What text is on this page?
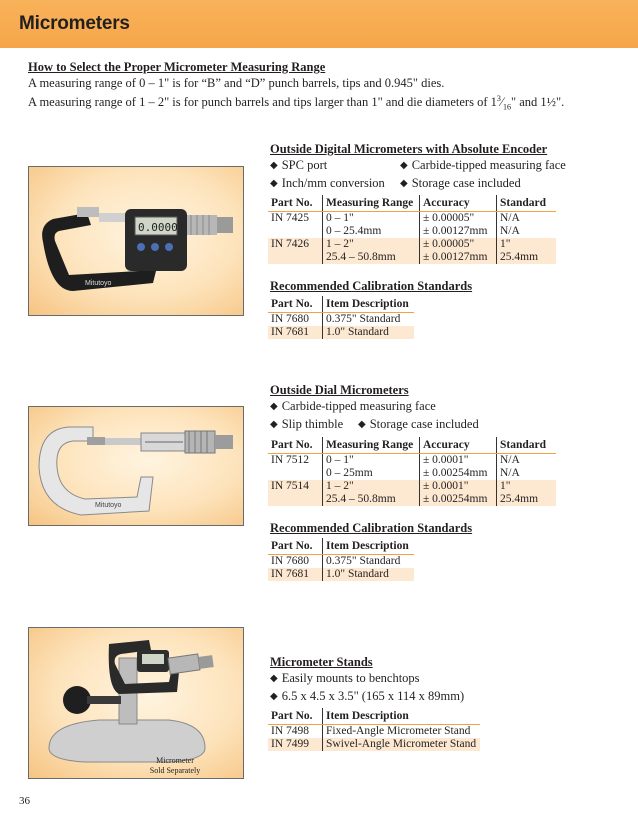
Micrometers
How to Select the Proper Micrometer Measuring Range
A measuring range of 0 – 1" is for “B” and “D” punch barrels, tips and 0.945" dies.
A measuring range of 1 – 2" is for punch barrels and tips larger than 1" and die diameters of $1^3⁄_{16}$" and 1½".
0.0000
Mitutoyo
Outside Digital Micrometers with Absolute Encoder
◆ SPC port	◆ Carbide-tipped measuring face
◆ Inch/mm conversion	◆ Storage case included
Part No.	Measuring Range	Accuracy	Standard
IN 7425	0 – 1"	± 0.00005"	N/A
	0 – 25.4mm	± 0.00127mm	N/A
IN 7426	1 – 2"	± 0.00005"	1"
	25.4 – 50.8mm	± 0.00127mm	25.4mm
Recommended Calibration Standards
Part No.	Item Description
IN 7680	0.375" Standard
IN 7681	1.0" Standard
Mitutoyo
Outside Dial Micrometers
◆ Carbide-tipped measuring face
◆ Slip thimble	◆ Storage case included
Part No.	Measuring Range	Accuracy	Standard
IN 7512	0 – 1"	± 0.0001"	N/A
	0 – 25mm	± 0.00254mm	N/A
IN 7514	1 – 2"	± 0.0001"	1"
	25.4 – 50.8mm	± 0.00254mm	25.4mm
Recommended Calibration Standards
Part No.	Item Description
IN 7680	0.375" Standard
IN 7681	1.0" Standard
Micrometer
Sold Separately
Micrometer Stands
◆ Easily mounts to benchtops
◆ 6.5 x 4.5 x 3.5" (165 x 114 x 89mm)
Part No.	Item Description
IN 7498	Fixed-Angle Micrometer Stand
IN 7499	Swivel-Angle Micrometer Stand
36
